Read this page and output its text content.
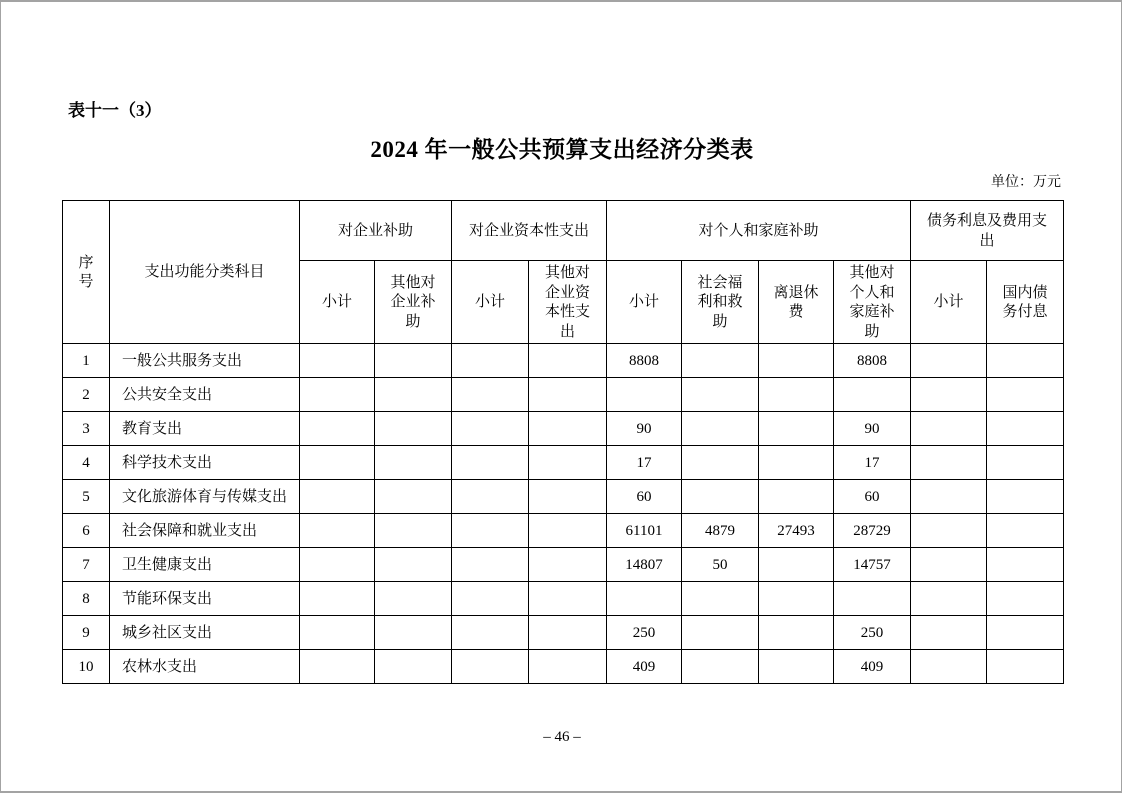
表十一（3）
2024 年一般公共预算支出经济分类表
单位：万元
序号	支出功能分类科目	对企业补助		对企业资本性支出		对个人和家庭补助				债务利息及费用支出	
		小计	其他对企业补助	小计	其他对企业资本性支出	小计	社会福利和救助	离退休费	其他对个人和家庭补助	小计	国内债务付息
1	一般公共服务支出					8808			8808		
2	公共安全支出										
3	教育支出					90			90		
4	科学技术支出					17			17		
5	文化旅游体育与传媒支出					60			60		
6	社会保障和就业支出					61101	4879	27493	28729		
7	卫生健康支出					14807	50		14757		
8	节能环保支出										
9	城乡社区支出					250			250		
10	农林水支出					409			409		
– 46 –
